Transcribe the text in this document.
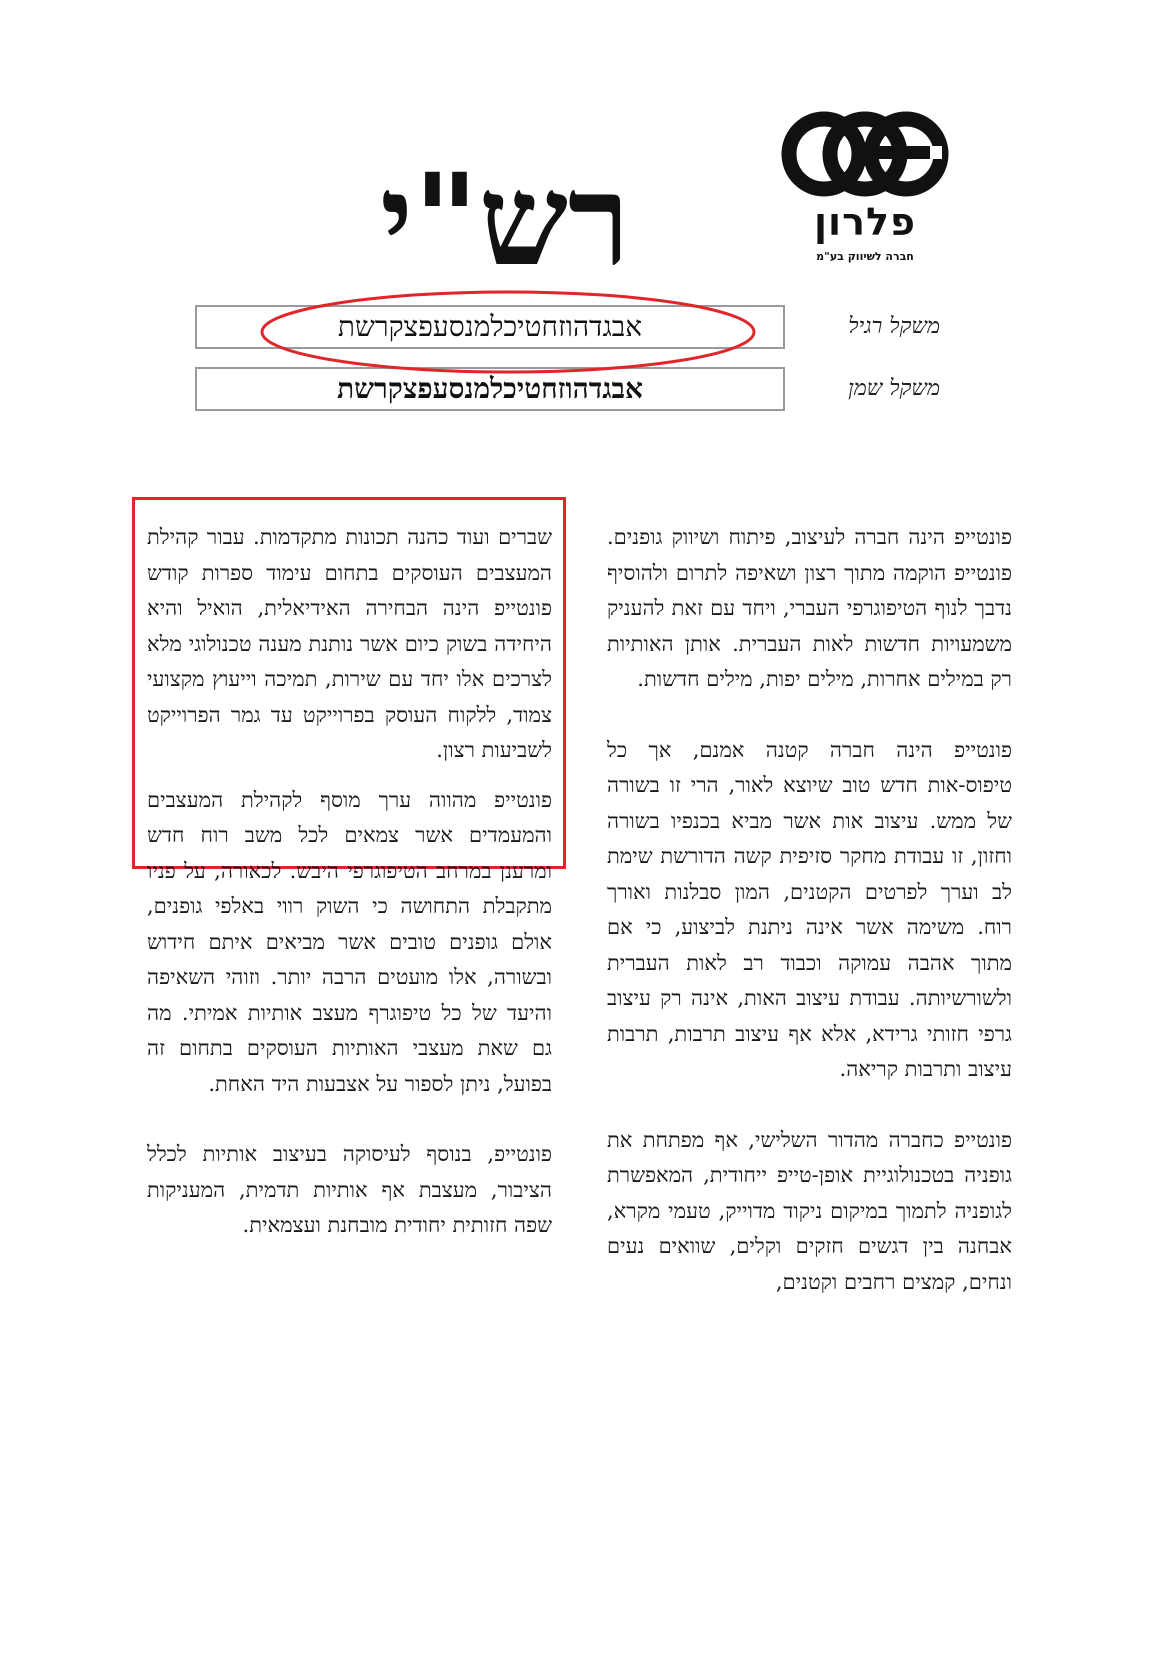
פלרון
חברה לשיווק בע"מ
רש"י
משקל רגיל
אבגדהוזחטיכלמנסעפצקרשת
משקל שמן
אבגדהוזחטיכלמנסעפצקרשת

פונטייפ הינה חברה לעיצוב, פיתוח ושיווק גופנים. פונטייפ הוקמה מתוך רצון ושאיפה לתרום ולהוסיף נדבך לנוף הטיפוגרפי העברי, ויחד עם זאת להעניק משמעויות חדשות לאות העברית. אותן האותיות רק במילים אחרות, מילים יפות, מילים חדשות.

פונטייפ הינה חברה קטנה אמנם, אך כל טיפוס-אות חדש טוב שיוצא לאור, הרי זו בשורה של ממש. עיצוב אות אשר מביא בכנפיו בשורה וחזון, זו עבודת מחקר סזיפית קשה הדורשת שימת לב וערך לפרטים הקטנים, המון סבלנות ואורך רוח. משימה אשר אינה ניתנת לביצוע, כי אם מתוך אהבה עמוקה וכבוד רב לאות העברית ולשורשיותה. עבודת עיצוב האות, אינה רק עיצוב גרפי חזותי גרידא, אלא אף עיצוב תרבות, תרבות עיצוב ותרבות קריאה.

פונטייפ כחברה מהדור השלישי, אף מפתחת את גופניה בטכנולוגיית אופן-טייפ ייחודית, המאפשרת לגופניה לתמוך במיקום ניקוד מדוייק, טעמי מקרא, אבחנה בין דגשים חזקים וקלים, שוואים נעים ונחים, קמצים רחבים וקטנים,

שברים ועוד כהנה תכונות מתקדמות. עבור קהילת המעצבים העוסקים בתחום עימוד ספרות קודש פונטייפ הינה הבחירה האידיאלית, הואיל והיא היחידה בשוק כיום אשר נותנת מענה טכנולוגי מלא לצרכים אלו יחד עם שירות, תמיכה וייעוץ מקצועי צמוד, ללקוח העוסק בפרוייקט עד גמר הפרוייקט לשביעות רצון.

פונטייפ מהווה ערך מוסף לקהילת המעצבים והמעמדים אשר צמאים לכל משב רוח חדש ומרענן במרחב הטיפוגרפי היבש. לכאורה, על פניו מתקבלת התחושה כי השוק רווי באלפי גופנים, אולם גופנים טובים אשר מביאים איתם חידוש ובשורה, אלו מועטים הרבה יותר. וזוהי השאיפה והיעד של כל טיפוגרף מעצב אותיות אמיתי. מה גם שאת מעצבי האותיות העוסקים בתחום זה בפועל, ניתן לספור על אצבעות היד האחת.

פונטייפ, בנוסף לעיסוקה בעיצוב אותיות לכלל הציבור, מעצבת אף אותיות תדמית, המעניקות שפה חזותית יחודית מובחנת ועצמאית.
